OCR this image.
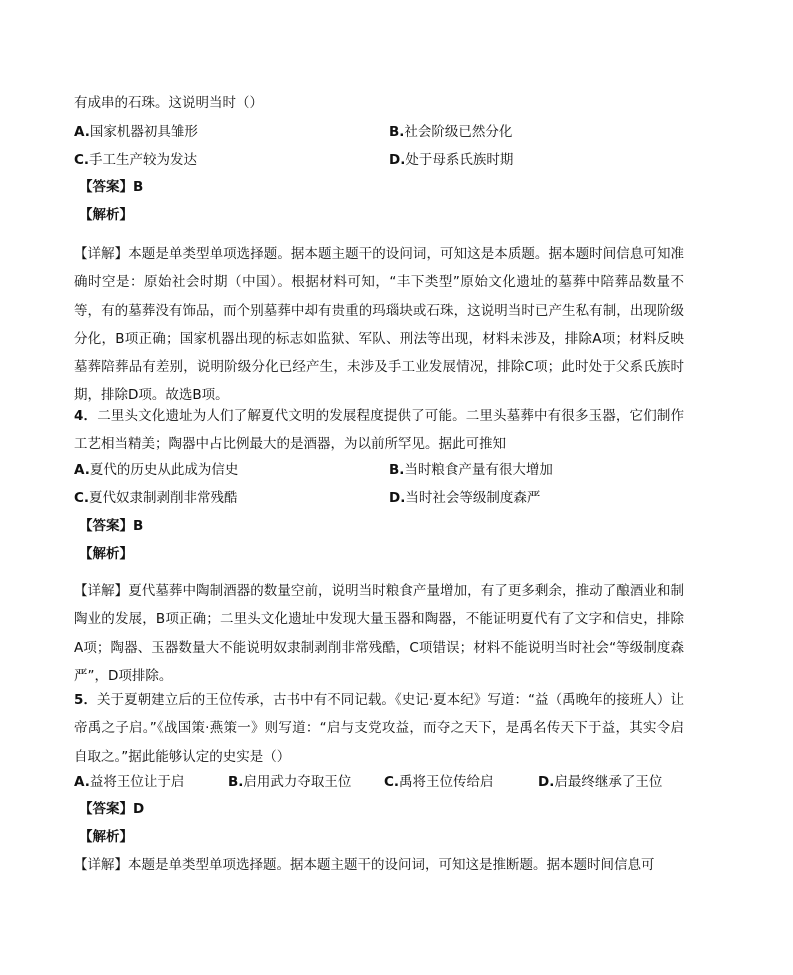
有成串的石珠。这说明当时（）
A.国家机器初具雏形	B.社会阶级已然分化
C.手工生产较为发达	D.处于母系氏族时期
【答案】B
【解析】
【详解】本题是单类型单项选择题。据本题主题干的设问词，可知这是本质题。据本题时间信息可知准确时空是：原始社会时期（中国）。根据材料可知，“丰下类型”原始文化遗址的墓葬中陪葬品数量不等，有的墓葬没有饰品，而个别墓葬中却有贵重的玛瑙块或石珠，这说明当时已产生私有制，出现阶级分化，B项正确；国家机器出现的标志如监狱、军队、刑法等出现，材料未涉及，排除A项；材料反映墓葬陪葬品有差别，说明阶级分化已经产生，未涉及手工业发展情况，排除C项；此时处于父系氏族时期，排除D项。故选B项。
4．二里头文化遗址为人们了解夏代文明的发展程度提供了可能。二里头墓葬中有很多玉器，它们制作工艺相当精美；陶器中占比例最大的是酒器，为以前所罕见。据此可推知
A.夏代的历史从此成为信史	B.当时粮食产量有很大增加
C.夏代奴隶制剥削非常残酷	D.当时社会等级制度森严
【答案】B
【解析】
【详解】夏代墓葬中陶制酒器的数量空前，说明当时粮食产量增加，有了更多剩余，推动了酿酒业和制陶业的发展，B项正确；二里头文化遗址中发现大量玉器和陶器，不能证明夏代有了文字和信史，排除A项；陶器、玉器数量大不能说明奴隶制剥削非常残酷，C项错误；材料不能说明当时社会“等级制度森严”，D项排除。
5．关于夏朝建立后的王位传承，古书中有不同记载。《史记·夏本纪》写道：“益（禹晚年的接班人）让帝禹之子启。”《战国策·燕策一》则写道：“启与支党攻益，而夺之天下，是禹名传天下于益，其实令启自取之。”据此能够认定的史实是（）
A.益将王位让于启	B.启用武力夺取王位 C.禹将王位传给启	D.启最终继承了王位
【答案】D
【解析】
【详解】本题是单类型单项选择题。据本题主题干的设问词，可知这是推断题。据本题时间信息可
